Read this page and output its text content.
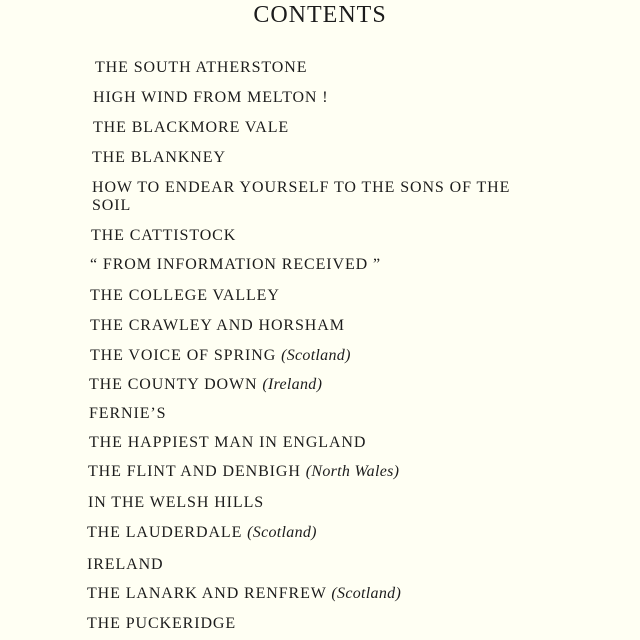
CONTENTS
THE SOUTH ATHERSTONE
HIGH WIND FROM MELTON !
THE BLACKMORE VALE
THE BLANKNEY
HOW TO ENDEAR YOURSELF TO THE SONS OF THE
SOIL
THE CATTISTOCK
“ FROM INFORMATION RECEIVED ”
THE COLLEGE VALLEY
THE CRAWLEY AND HORSHAM
THE VOICE OF SPRING (Scotland)
THE COUNTY DOWN (Ireland)
FERNIE’S
THE HAPPIEST MAN IN ENGLAND
THE FLINT AND DENBIGH (North Wales)
IN THE WELSH HILLS
THE LAUDERDALE (Scotland)
IRELAND
THE LANARK AND RENFREW (Scotland)
THE PUCKERIDGE
